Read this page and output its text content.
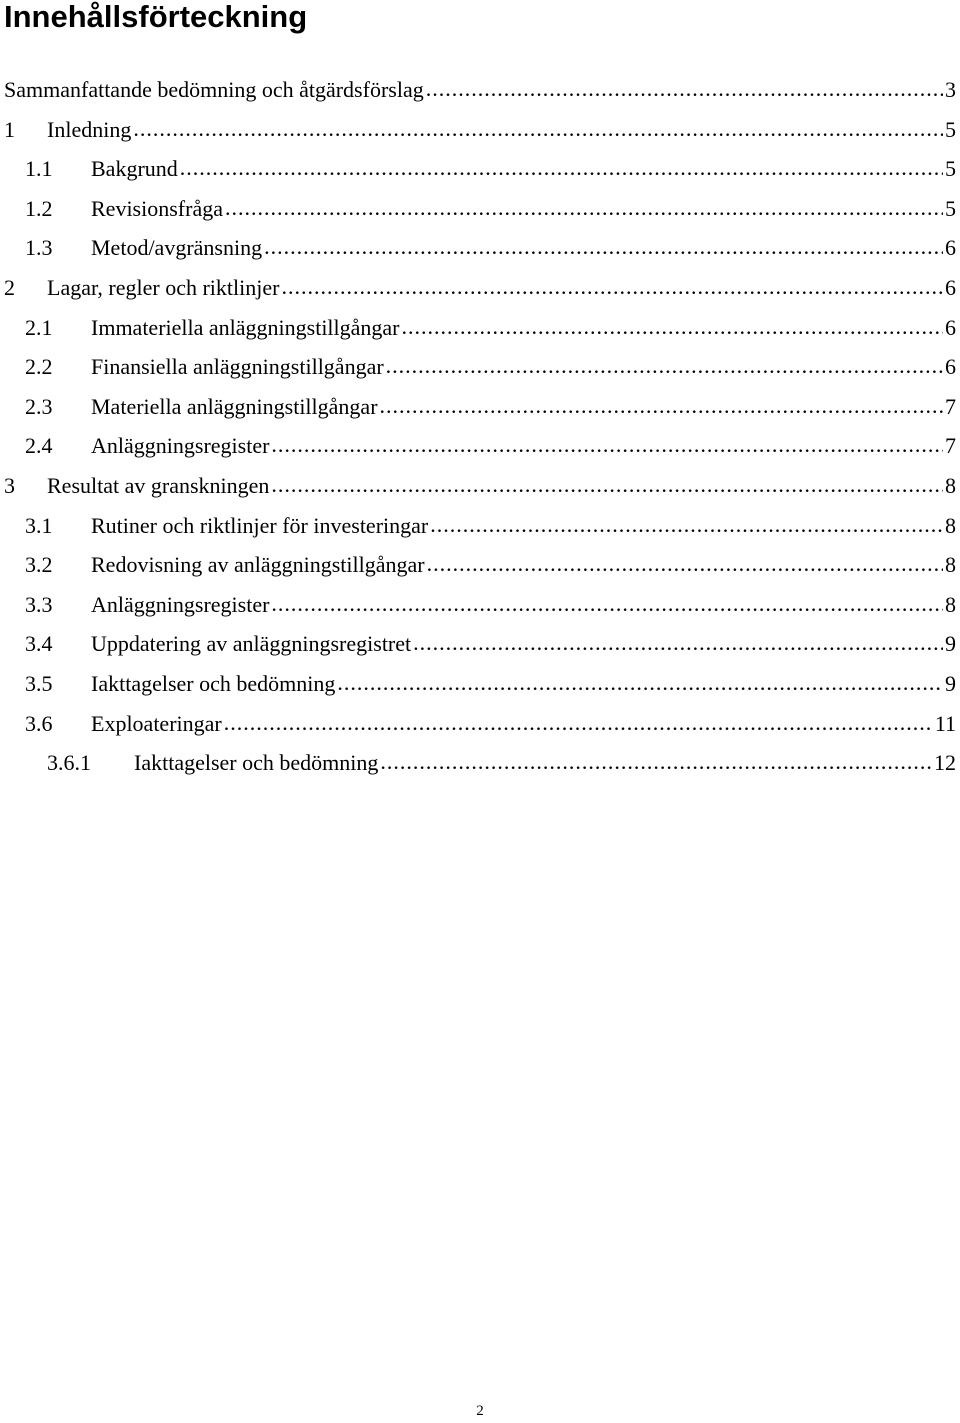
Innehållsförteckning
Sammanfattande bedömning och åtgärdsförslag .....	3
1	Inledning .....	5
1.1	Bakgrund .....	5
1.2	Revisionsfråga .....	5
1.3	Metod/avgränsning .....	6
2	Lagar, regler och riktlinjer .....	6
2.1	Immateriella anläggningstillgångar .....	6
2.2	Finansiella anläggningstillgångar .....	6
2.3	Materiella anläggningstillgångar .....	7
2.4	Anläggningsregister .....	7
3	Resultat av granskningen .....	8
3.1	Rutiner och riktlinjer för investeringar .....	8
3.2	Redovisning av anläggningstillgångar .....	8
3.3	Anläggningsregister .....	8
3.4	Uppdatering av anläggningsregistret .....	9
3.5	Iakttagelser och bedömning .....	9
3.6	Exploateringar .....	11
3.6.1	Iakttagelser och bedömning .....	12
2
